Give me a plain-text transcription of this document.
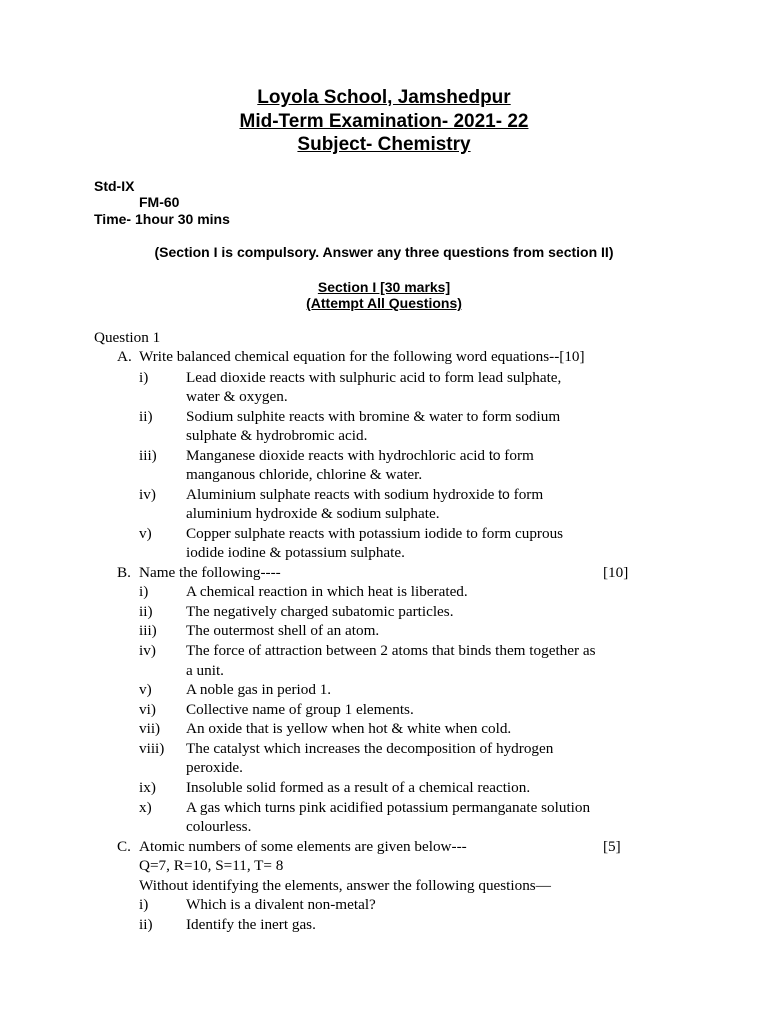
Loyola School, Jamshedpur
Mid-Term Examination- 2021- 22
Subject- Chemistry
Std-IX
FM-60
Time- 1hour 30 mins
(Section I is compulsory. Answer any three questions from section II)
Section I [30 marks]
(Attempt All Questions)
Question 1
A. Write balanced chemical equation for the following word equations--[10]
i) Lead dioxide reacts with sulphuric acid to form lead sulphate,
water & oxygen.
ii) Sodium sulphite reacts with bromine & water to form sodium
sulphate & hydrobromic acid.
iii) Manganese dioxide reacts with hydrochloric acid to form
manganous chloride, chlorine & water.
iv) Aluminium sulphate reacts with sodium hydroxide to form
aluminium hydroxide & sodium sulphate.
v) Copper sulphate reacts with potassium iodide to form cuprous
iodide iodine & potassium sulphate.
B. Name the following----	[10]
i) A chemical reaction in which heat is liberated.
ii) The negatively charged subatomic particles.
iii) The outermost shell of an atom.
iv) The force of attraction between 2 atoms that binds them together as
a unit.
v) A noble gas in period 1.
vi) Collective name of group 1 elements.
vii) An oxide that is yellow when hot & white when cold.
viii) The catalyst which increases the decomposition of hydrogen
peroxide.
ix) Insoluble solid formed as a result of a chemical reaction.
x) A gas which turns pink acidified potassium permanganate solution
colourless.
C. Atomic numbers of some elements are given below---	[5]
Q=7, R=10, S=11, T= 8
Without identifying the elements, answer the following questions—
i) Which is a divalent non-metal?
ii) Identify the inert gas.
